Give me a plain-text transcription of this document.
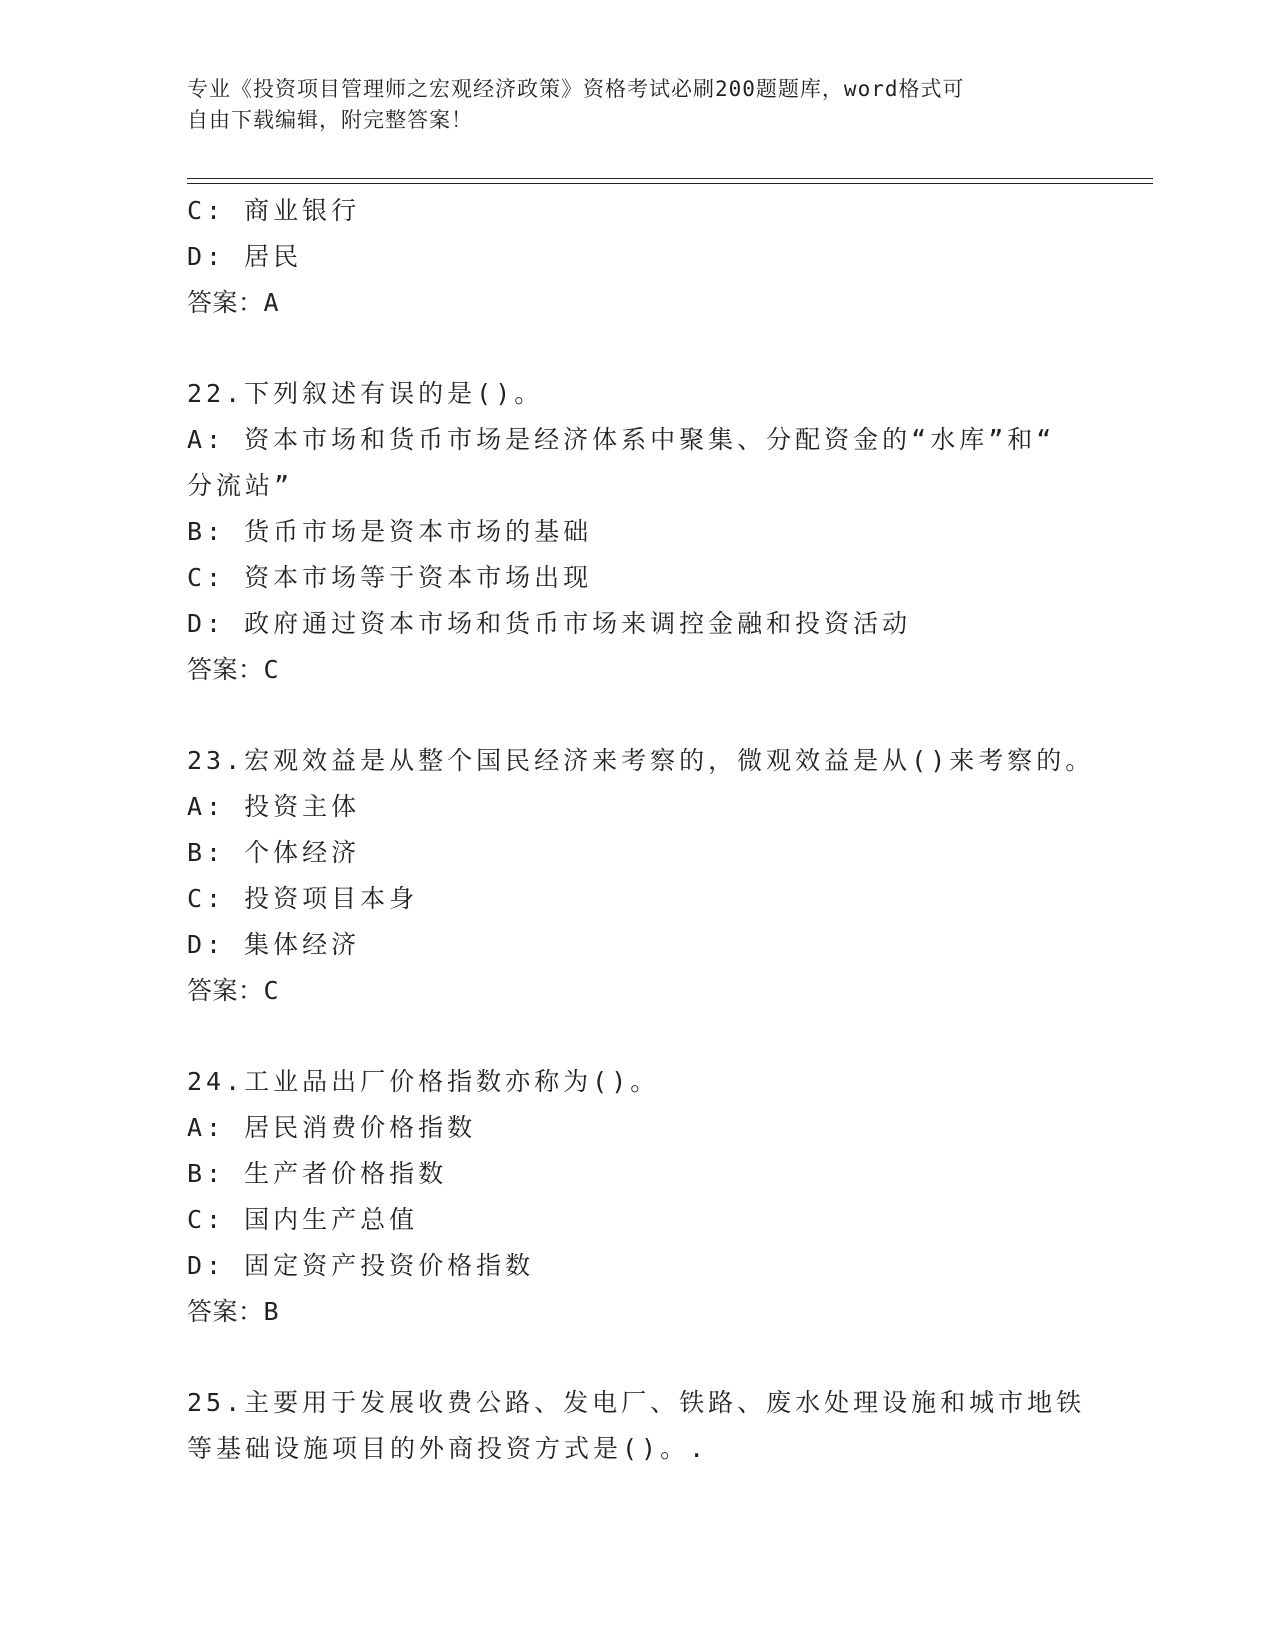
专业《投资项目管理师之宏观经济政策》资格考试必刷200题题库，word格式可
自由下载编辑，附完整答案！
C: 商业银行
D: 居民
答案：A
22.下列叙述有误的是()。
A: 资本市场和货币市场是经济体系中聚集、分配资金的“水库”和“
分流站”
B: 货币市场是资本市场的基础
C: 资本市场等于资本市场出现
D: 政府通过资本市场和货币市场来调控金融和投资活动
答案：C
23.宏观效益是从整个国民经济来考察的，微观效益是从()来考察的。
A: 投资主体
B: 个体经济
C: 投资项目本身
D: 集体经济
答案：C
24.工业品出厂价格指数亦称为()。
A: 居民消费价格指数
B: 生产者价格指数
C: 国内生产总值
D: 固定资产投资价格指数
答案：B
25.主要用于发展收费公路、发电厂、铁路、废水处理设施和城市地铁
等基础设施项目的外商投资方式是()。.
